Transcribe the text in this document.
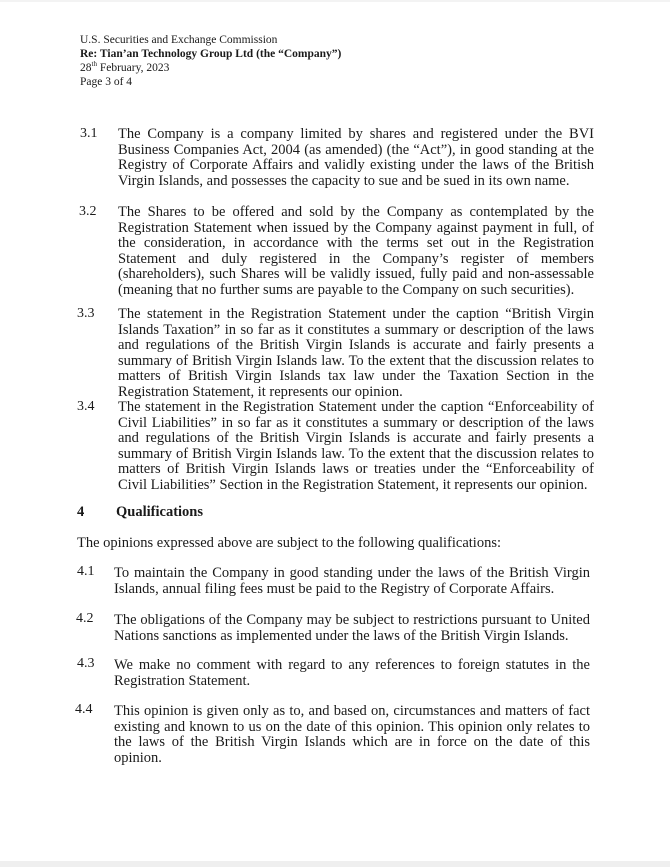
U.S. Securities and Exchange Commission
Re: Tian’an Technology Group Ltd (the “Company”)
28th February, 2023
Page 3 of 4
3.1 The Company is a company limited by shares and registered under the BVI Business Companies Act, 2004 (as amended) (the “Act”), in good standing at the Registry of Corporate Affairs and validly existing under the laws of the British Virgin Islands, and possesses the capacity to sue and be sued in its own name.
3.2 The Shares to be offered and sold by the Company as contemplated by the Registration Statement when issued by the Company against payment in full, of the consideration, in accordance with the terms set out in the Registration Statement and duly registered in the Company’s register of members (shareholders), such Shares will be validly issued, fully paid and non-assessable (meaning that no further sums are payable to the Company on such securities).
3.3 The statement in the Registration Statement under the caption “British Virgin Islands Taxation” in so far as it constitutes a summary or description of the laws and regulations of the British Virgin Islands is accurate and fairly presents a summary of British Virgin Islands law. To the extent that the discussion relates to matters of British Virgin Islands tax law under the Taxation Section in the Registration Statement, it represents our opinion.
3.4 The statement in the Registration Statement under the caption “Enforceability of Civil Liabilities” in so far as it constitutes a summary or description of the laws and regulations of the British Virgin Islands is accurate and fairly presents a summary of British Virgin Islands law. To the extent that the discussion relates to matters of British Virgin Islands laws or treaties under the “Enforceability of Civil Liabilities” Section in the Registration Statement, it represents our opinion.
4 Qualifications
The opinions expressed above are subject to the following qualifications:
4.1 To maintain the Company in good standing under the laws of the British Virgin Islands, annual filing fees must be paid to the Registry of Corporate Affairs.
4.2 The obligations of the Company may be subject to restrictions pursuant to United Nations sanctions as implemented under the laws of the British Virgin Islands.
4.3 We make no comment with regard to any references to foreign statutes in the Registration Statement.
4.4 This opinion is given only as to, and based on, circumstances and matters of fact existing and known to us on the date of this opinion. This opinion only relates to the laws of the British Virgin Islands which are in force on the date of this opinion.
